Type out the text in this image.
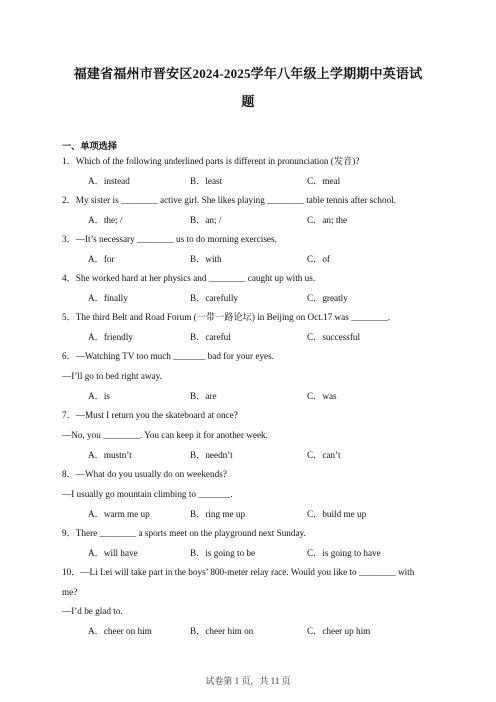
福建省福州市晋安区2024-2025学年八年级上学期期中英语试
题
一、单项选择
1．Which of the following underlined parts is different in pronunciation (发音)?
A．instead	B．least	C．meal
2．My sister is ________ active girl. She likes playing ________ table tennis after school.
A．the; /	B．an; /	C．an; the
3．—It’s necessary ________ us to do morning exercises.
A．for	B．with	C．of
4．She worked hard at her physics and ________ caught up with us.
A．finally	B．carefully	C．greatly
5．The third Belt and Road Forum (一带一路论坛) in Beijing on Oct.17 was ________.
A．friendly	B．careful	C．successful
6．—Watching TV too much _______ bad for your eyes.
—I’ll go to bed right away.
A．is	B．are	C．was
7．—Must I return you the skateboard at once?
—No, you ________. You can keep it for another week.
A．mustn’t	B．needn’t	C．can’t
8．—What do you usually do on weekends?
—I usually go mountain climbing to _______.
A．warm me up	B．ring me up	C．build me up
9．There ________ a sports meet on the playground next Sunday.
A．will have	B．is going to be	C．is going to have
10．—Li Lei will take part in the boys’ 800-meter relay race. Would you like to ________ with
me?
—I’d be glad to.
A．cheer on him	B．cheer him on	C．cheer up him
试卷第 1 页，共 11 页
